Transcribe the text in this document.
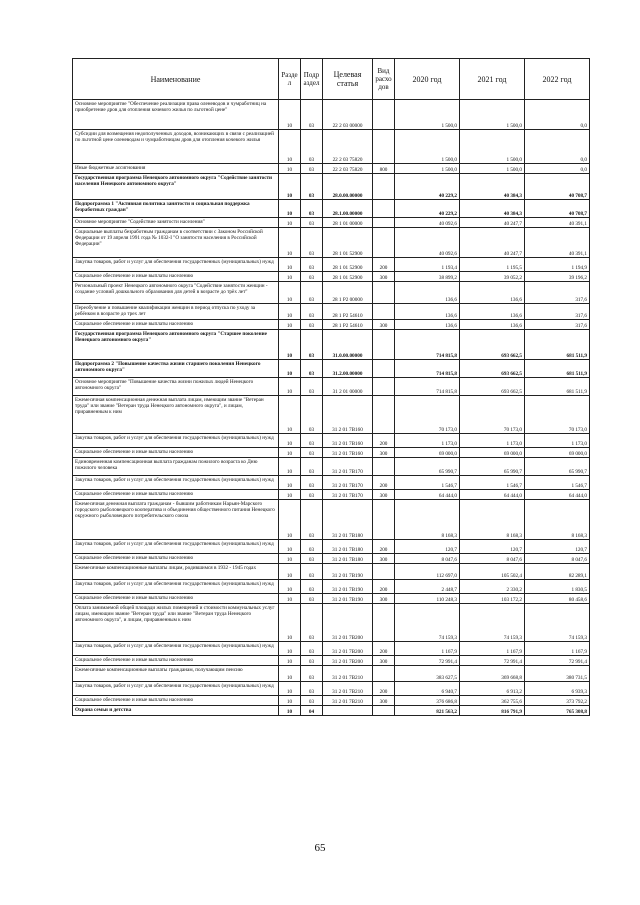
Наименование	Разде л	Подр аздел	Целевая статья	Вид расхо дов	2020 год	2021 год	2022 год
Основное мероприятие "Обеспечение реализации права оленеводов и чумработниц на приобретение дров для отопления кочевого жилья по льготной цене"	10	03	22 2 03 00000		1 500,0	1 500,0	0,0
Субсидии для возмещения недополученных доходов, возникающих в связи с реализацией по льготной цене оленеводам и чумработницам дров для отопления кочевого жилья	10	03	22 2 03 75820		1 500,0	1 500,0	0,0
Иные бюджетные ассигнования	10	03	22 2 03 75820	800	1 500,0	1 500,0	0,0
Государственная программа Ненецкого автономного округа "Содействие занятости населения Ненецкого автономного округа"	10	03	28.0.00.00000		40 229,2	40 384,3	40 708,7
Подпрограмма 1 "Активная политика занятости и социальная поддержка безработных граждан"	10	03	28.1.00.00000		40 229,2	40 384,3	40 708,7
Основное мероприятие "Содействие занятости населения"	10	03	28 1 01 00000		40 092,6	40 247,7	40 391,1
Социальные выплаты безработным гражданам в соответствии с Законом Российской Федерации от 19 апреля 1991 года № 1032-I "О занятости населения в Российской Федерации"	10	03	28 1 01 52900		40 092,6	40 247,7	40 391,1
Закупка товаров, работ и услуг для обеспечения государственных (муниципальных) нужд	10	03	28 1 01 52900	200	1 193,4	1 195,5	1 194,9
Социальное обеспечение и иные выплаты населению	10	03	28 1 01 52900	300	38 899,2	39 052,2	39 196,2
Региональный проект Ненецкого автономного округа "Содействие занятости женщин - создание условий дошкольного образования для детей в возрасте до трёх лет"	10	03	28 1 P2 00000		136,6	136,6	317,6
Переобучение и повышение квалификации женщин в период отпуска по уходу за ребёнком в возрасте до трех лет	10	03	28 1 P2 54610		136,6	136,6	317,6
Социальное обеспечение и иные выплаты населению	10	03	28 1 P2 54610	300	136,6	136,6	317,6
Государственная программа Ненецкого автономного округа "Старшее поколение Ненецкого автономного округа"	10	03	31.0.00.00000		714 815,8	693 662,5	681 511,9
Подпрограмма 2 "Повышение качества жизни старшего поколения Ненецкого автономного округа"	10	03	31.2.00.00000		714 815,8	693 662,5	681 511,9
Основное мероприятие "Повышение качества жизни пожилых людей Ненецкого автономного округа"	10	03	31 2 01 00000		714 815,8	693 662,5	681 511,9
Ежемесячная компенсационная денежная выплата лицам, имеющим звание "Ветеран труда" или звание "Ветеран труда Ненецкого автономного округа", и лицам, приравненным к ним	10	03	31 2 01 7В160		70 173,0	70 173,0	70 173,0
Закупка товаров, работ и услуг для обеспечения государственных (муниципальных) нужд	10	03	31 2 01 7В160	200	1 173,0	1 173,0	1 173,0
Социальное обеспечение и иные выплаты населению	10	03	31 2 01 7В160	300	69 000,0	69 000,0	69 000,0
Единовременная компенсационная выплата гражданам пожилого возраста ко Дню пожилого человека	10	03	31 2 01 7В170		65 990,7	65 990,7	65 990,7
Закупка товаров, работ и услуг для обеспечения государственных (муниципальных) нужд	10	03	31 2 01 7В170	200	1 546,7	1 546,7	1 546,7
Социальное обеспечение и иные выплаты населению	10	03	31 2 01 7В170	300	64 444,0	64 444,0	64 444,0
Ежемесячная денежная выплата гражданам - бывшим работникам Нарьян-Марского городского рыболовецкого кооператива и объединения общественного питания Ненецкого окружного рыболовецкого потребительского союза	10	03	31 2 01 7В180		8 168,3	8 168,3	8 168,3
Закупка товаров, работ и услуг для обеспечения государственных (муниципальных) нужд	10	03	31 2 01 7В180	200	120,7	120,7	120,7
Социальное обеспечение и иные выплаты населению	10	03	31 2 01 7В180	300	8 047,6	8 047,6	8 047,6
Ежемесячные компенсационные выплаты лицам, родившимся в 1932 - 1945 годах	10	03	31 2 01 7В190		112 697,0	105 502,4	82 289,1
Закупка товаров, работ и услуг для обеспечения государственных (муниципальных) нужд	10	03	31 2 01 7В190	200	2 448,7	2 330,2	1 830,5
Социальное обеспечение и иные выплаты населению	10	03	31 2 01 7В190	300	110 248,3	103 172,2	80 458,6
Оплата занимаемой общей площади жилых помещений и стоимости коммунальных услуг лицам, имеющим звание "Ветеран труда" или звание "Ветеран труда Ненецкого автономного округа", и лицам, приравненным к ним	10	03	31 2 01 7В200		74 159,3	74 159,3	74 159,3
Закупка товаров, работ и услуг для обеспечения государственных (муниципальных) нужд	10	03	31 2 01 7В200	200	1 167,9	1 167,9	1 167,9
Социальное обеспечение и иные выплаты населению	10	03	31 2 01 7В200	300	72 991,4	72 991,4	72 991,4
Ежемесячные компенсационные выплаты гражданам, получающим пенсию	10	03	31 2 01 7В210		383 627,5	369 668,8	380 731,5
Закупка товаров, работ и услуг для обеспечения государственных (муниципальных) нужд	10	03	31 2 01 7В210	200	6 940,7	6 913,2	6 939,3
Социальное обеспечение и иные выплаты населению	10	03	31 2 01 7В210	300	376 686,8	362 755,6	373 792,2
Охрана семьи и детства	10	04			821 563,2	816 791,9	765 308,8
65
